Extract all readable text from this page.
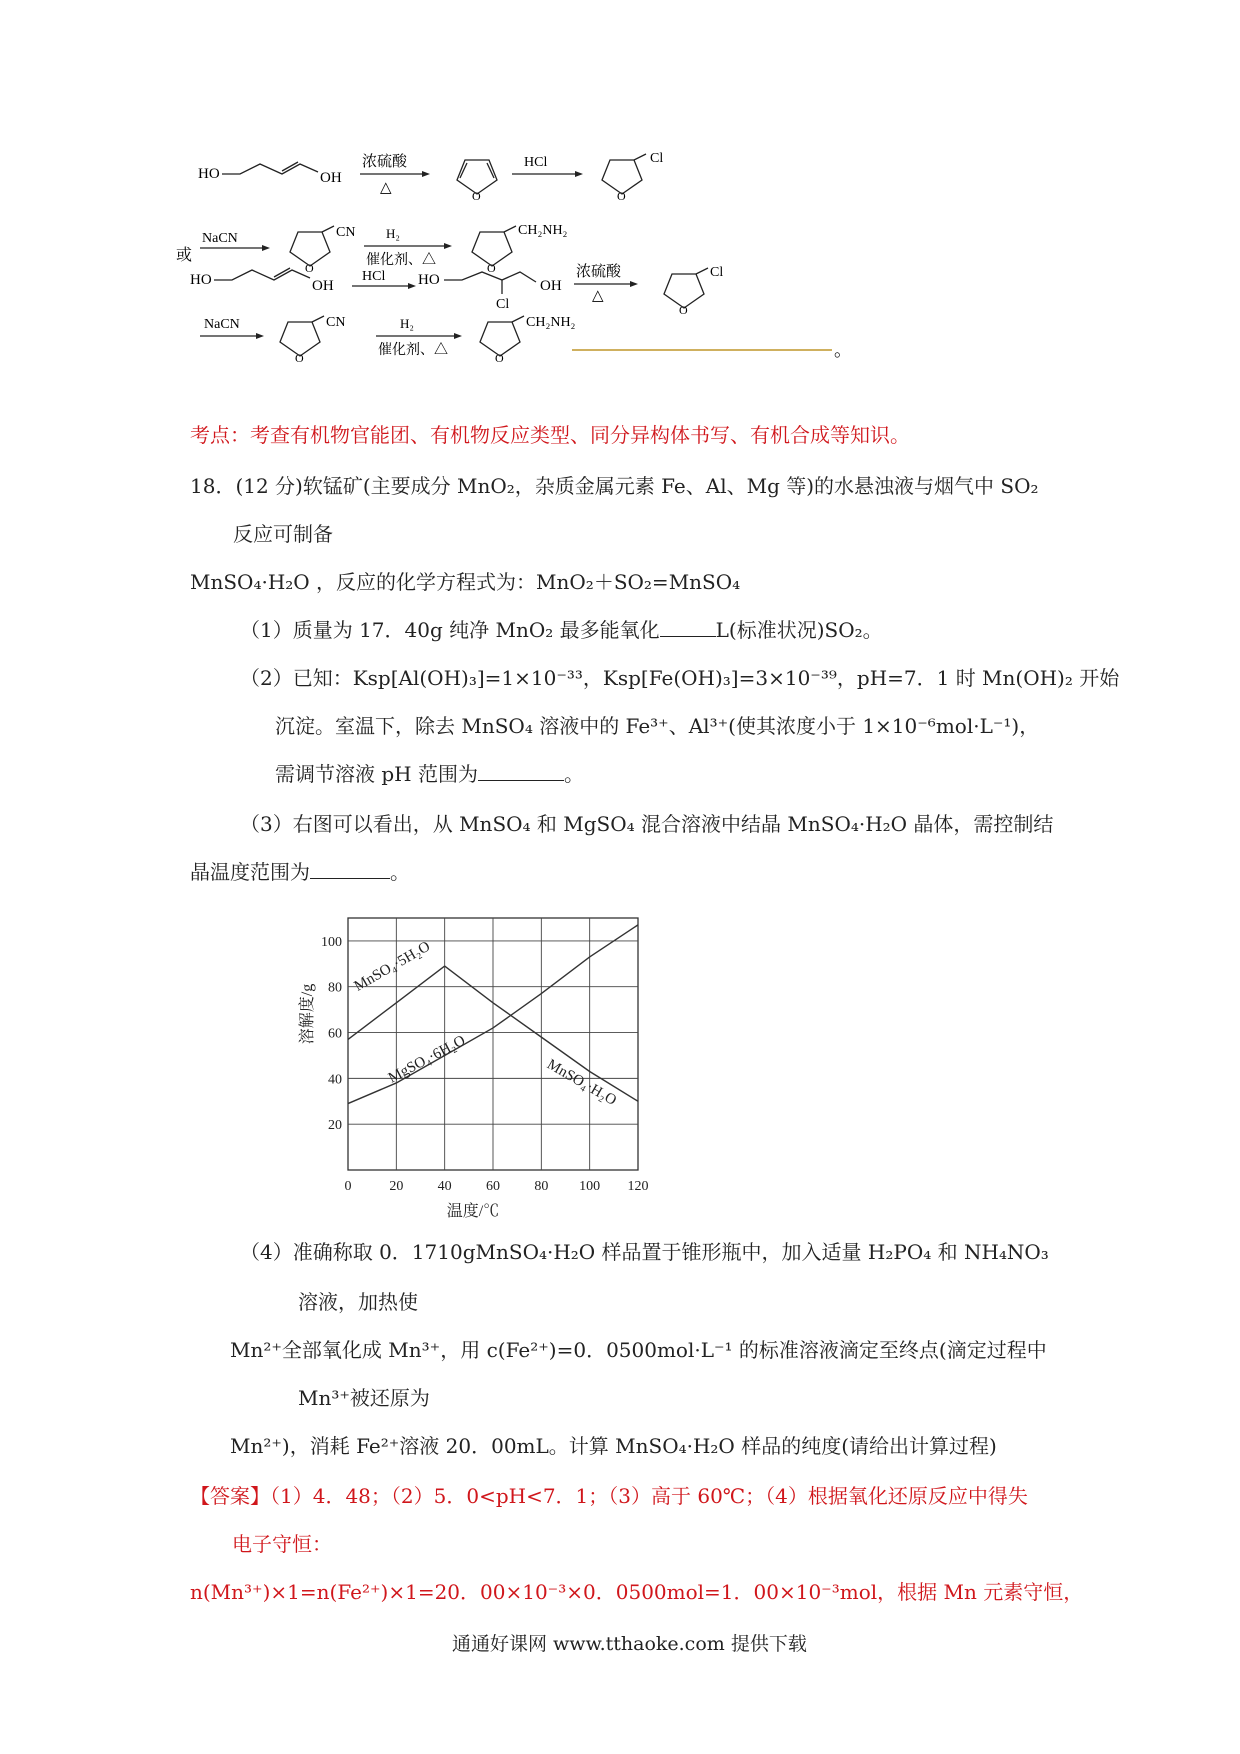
HO	OH
浓硫酸
△	O
HCl
O
Cl
NaCN
O
CN H₂
催化剂、△	O
CH₂NH₂
或
HO	OH
HCl HO
Cl
OH
浓硫酸
△
O
Cl
NaCN
O
CN	H₂
催化剂、△	O
CH₂NH₂
。
考点：考查有机物官能团、有机物反应类型、同分异构体书写、有机合成等知识。
18．(12 分)软锰矿(主要成分 MnO₂，杂质金属元素 Fe、Al、Mg 等)的水悬浊液与烟气中 SO₂
反应可制备
MnSO₄·H₂O ，反应的化学方程式为：MnO₂＋SO₂=MnSO₄
（1）质量为 17．40g 纯净 MnO₂ 最多能氧化	L(标准状况)SO₂。
（2）已知：Ksp[Al(OH)₃]=1×10⁻³³，Ksp[Fe(OH)₃]=3×10⁻³⁹，pH=7．1 时 Mn(OH)₂ 开始
沉淀。室温下，除去 MnSO₄ 溶液中的 Fe³⁺、Al³⁺(使其浓度小于 1×10⁻⁶mol·L⁻¹)，
需调节溶液 pH 范围为	。
（3）右图可以看出，从 MnSO₄ 和 MgSO₄ 混合溶液中结晶 MnSO₄·H₂O 晶体，需控制结
晶温度范围为	。
0	20 40 60 80 100 120
20
40
60
80
100
温度/℃
溶解度/g
MnSO₄·5H₂O
MgSO₄·6H₂O	MnSO₄·H₂O
（4）准确称取 0．1710gMnSO₄·H₂O 样品置于锥形瓶中，加入适量 H₂PO₄ 和 NH₄NO₃
溶液，加热使
Mn²⁺全部氧化成 Mn³⁺，用 c(Fe²⁺)=0．0500mol·L⁻¹ 的标准溶液滴定至终点(滴定过程中
Mn³⁺被还原为
Mn²⁺)，消耗 Fe²⁺溶液 20．00mL。计算 MnSO₄·H₂O 样品的纯度(请给出计算过程)
【答案】（1）4．48；（2）5．0<pH<7．1；（3）高于 60℃；（4）根据氧化还原反应中得失
电子守恒：
n(Mn³⁺)×1=n(Fe²⁺)×1=20．00×10⁻³×0．0500mol=1．00×10⁻³mol，根据 Mn 元素守恒，
通通好课网 www.tthaoke.com 提供下载
